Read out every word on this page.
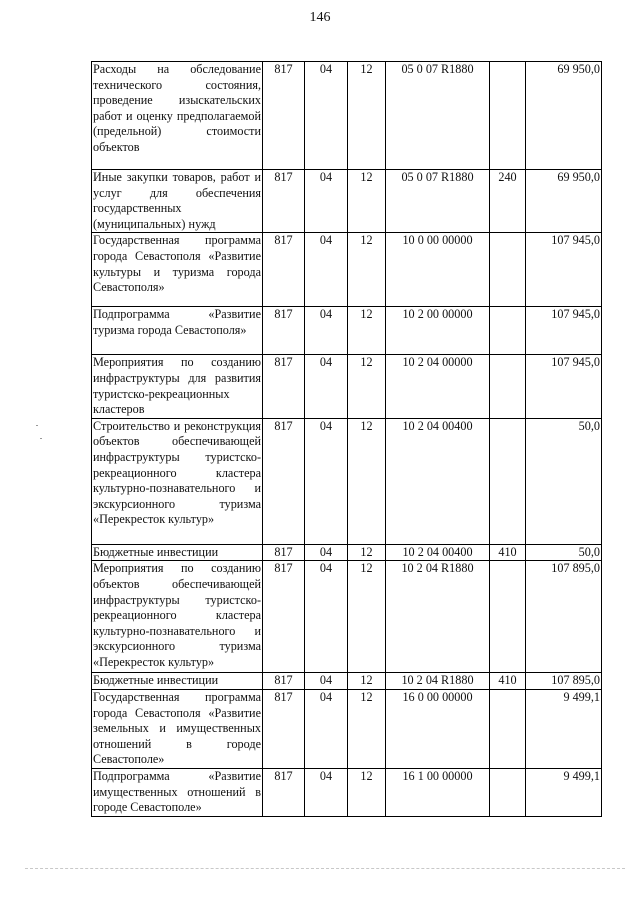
146
Расходы на обследование технического состояния, проведение изыскательских работ и оценку предполагаемой (предельной) стоимости объектов	817	04	12	05 0 07 R1880		69 950,0
Иные закупки товаров, работ и услуг для обеспечения государственных (муниципальных) нужд	817	04	12	05 0 07 R1880	240	69 950,0
Государственная программа города Севастополя «Развитие культуры и туризма города Севастополя»	817	04	12	10 0 00 00000		107 945,0
Подпрограмма «Развитие туризма города Севастополя»	817	04	12	10 2 00 00000		107 945,0
Мероприятия по созданию инфраструктуры для развития туристско-рекреационных кластеров	817	04	12	10 2 04 00000		107 945,0
Строительство и реконструкция объектов обеспечивающей инфраструктуры туристско-рекреационного кластера культурно-познавательного и экскурсионного туризма «Перекресток культур»	817	04	12	10 2 04 00400		50,0
Бюджетные инвестиции	817	04	12	10 2 04 00400	410	50,0
Мероприятия по созданию объектов обеспечивающей инфраструктуры туристско-рекреационного кластера культурно-познавательного и экскурсионного туризма «Перекресток культур»	817	04	12	10 2 04 R1880		107 895,0
Бюджетные инвестиции	817	04	12	10 2 04 R1880	410	107 895,0
Государственная программа города Севастополя «Развитие земельных и имущественных отношений в городе Севастополе»	817	04	12	16 0 00 00000		9 499,1
Подпрограмма «Развитие имущественных отношений в городе Севастополе»	817	04	12	16 1 00 00000		9 499,1
